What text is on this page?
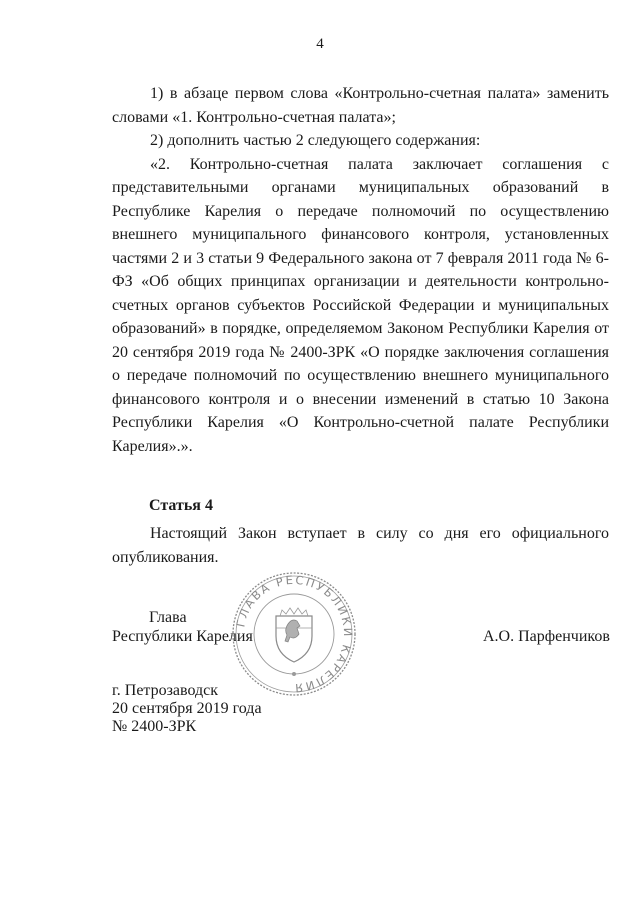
4

1) в абзаце первом слова «Контрольно-счетная палата» заменить словами «1. Контрольно-счетная палата»;

2) дополнить частью 2 следующего содержания:

«2. Контрольно-счетная палата заключает соглашения с представительными органами муниципальных образований в Республике Карелия о передаче полномочий по осуществлению внешнего муниципального финансового контроля, установленных частями 2 и 3 статьи 9 Федерального закона от 7 февраля 2011 года № 6-ФЗ «Об общих принципах организации и деятельности контрольно-счетных органов субъектов Российской Федерации и муниципальных образований» в порядке, определяемом Законом Республики Карелия от 20 сентября 2019 года № 2400-ЗРК «О порядке заключения соглашения о передаче полномочий по осуществлению внешнего муниципального финансового контроля и о внесении изменений в статью 10 Закона Республики Карелия «О Контрольно-счетной палате Республики Карелия».».

Статья 4
Настоящий Закон вступает в силу со дня его официального опубликования.
Глава
Республики Карелия
ГЛАВА РЕСПУБЛИКИ КАРЕЛИЯ
А.О. Парфенчиков
г. Петрозаводск
20 сентября 2019 года
№ 2400-ЗРК
